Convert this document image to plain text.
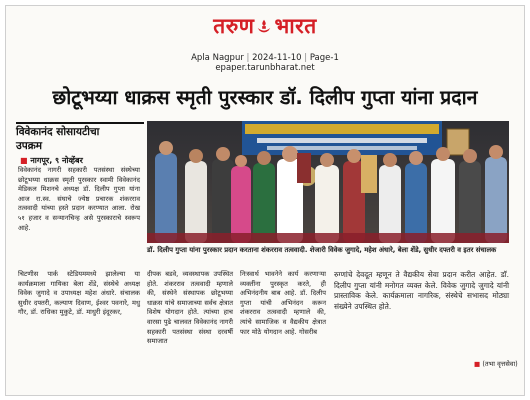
तरुण भारत
Apla Nagpur | 2024-11-10 | Page-1
epaper.tarunbharat.net
छोटूभय्या धाक्रस स्मृती पुरस्कार डॉ. दिलीप गुप्ता यांना प्रदान
विवेकानंद सोसायटीचा
उपक्रम
■ नागपूर, ९ नोव्हेंबर
विवेकानंद नागरी सहकारी पतसंस्था संस्थेच्या छोटूभय्या धाक्रस स्मृती पुरस्कार स्वामी विवेकानंद मेडिकल मिशनचे अध्यक्ष डॉ. दिलीप गुप्ता यांना आज रा.स्व. संघाचे ज्येष्ठ प्रचारक शंकरराव तत्ववादी यांच्या हस्ते प्रदान करण्यात आला. रोख ५१ हजार व सन्मानचिन्ह असे पुरस्काराचे स्वरूप आहे.
चिटणीस पार्क स्टेडियममध्ये झालेल्या या कार्यक्रमाला गायिका बेला शेंडे, संस्थेचे अध्यक्ष विवेक जुगादे व उपाध्यक्ष महेश अंधारे. संचालक सुधीर दफ्तरी, कल्याण दिवाण, ईश्वर पवनारे, मधु गौर, डॉ. राधिका मुकुटे, डॉ. माधुरी इंदूरकर,
डॉ. दिलीप गुप्ता यांना पुरस्कार प्रदान करताना शंकरराव तत्ववादी. शेजारी विवेक जुगादे, महेश अंधारे, बेला शेंडे, सुधीर दफ्तरी व इतर संचालक
दीपक बडवे, व्यवस्थापक उपस्थित होते. शंकरराव तत्ववादी म्हणाले की, संस्थेने संस्थापक छोटूभय्या धाक्रस यांचे समाजाच्या सर्वच क्षेत्रात विशेष योगदान होते. त्यांच्या हाच वारसा पुढे चालवत विवेकानंद नागरी सहकारी पतसंस्था संस्था दरवर्षी समाजात
निःस्वार्थ भावनेने कार्य करणाऱ्या व्यक्तींना पुरस्कृत करते, ही अभिनंदनीय बाब आहे. डॉ. दिलीप गुप्ता यांची अभिनंदन करून शंकरराव तत्ववादी म्हणाले की, त्यांचे सामाजिक व वैद्यकीय क्षेत्रात फार मोठे योगदान आहे. गोसरीब
रुग्णांचे देवदूत म्हणून ते वैद्यकीय सेवा प्रदान करीत आहेत. डॉ. दिलीप गुप्ता यांनी मनोगत व्यक्त केले. विवेक जुगादे जुगादे यांनी प्रास्ताविक केले. कार्यक्रमाला नागरिक, संस्थेचे सभासद मोठ्या संख्येने उपस्थित होते.
■ (तभा वृत्तसेवा)
